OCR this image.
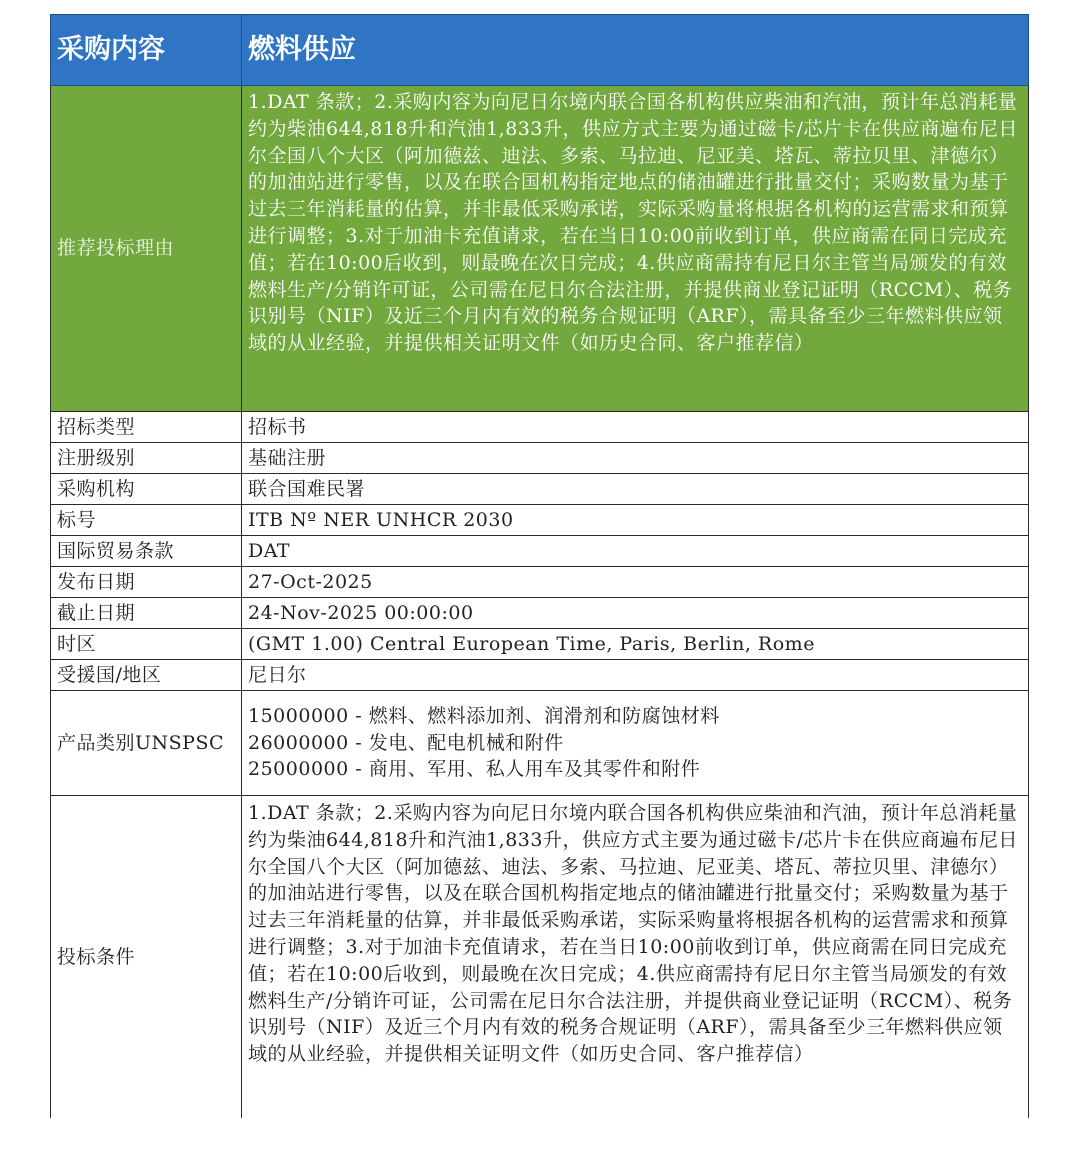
采购内容	燃料供应
推荐投标理由	1.DAT 条款；2.采购内容为向尼日尔境内联合国各机构供应柴油和汽油，预计年总消耗量约为柴油644,818升和汽油1,833升，供应方式主要为通过磁卡/芯片卡在供应商遍布尼日尔全国八个大区（阿加德兹、迪法、多索、马拉迪、尼亚美、塔瓦、蒂拉贝里、津德尔）的加油站进行零售，以及在联合国机构指定地点的储油罐进行批量交付；采购数量为基于过去三年消耗量的估算，并非最低采购承诺，实际采购量将根据各机构的运营需求和预算进行调整；3.对于加油卡充值请求，若在当日10:00前收到订单，供应商需在同日完成充值；若在10:00后收到，则最晚在次日完成；4.供应商需持有尼日尔主管当局颁发的有效燃料生产/分销许可证，公司需在尼日尔合法注册，并提供商业登记证明（RCCM）、税务识别号（NIF）及近三个月内有效的税务合规证明（ARF），需具备至少三年燃料供应领域的从业经验，并提供相关证明文件（如历史合同、客户推荐信）
招标类型	招标书
注册级别	基础注册
采购机构	联合国难民署
标号	ITB Nº NER UNHCR 2030
国际贸易条款	DAT
发布日期	27-Oct-2025
截止日期	24-Nov-2025 00:00:00
时区	(GMT 1.00) Central European Time, Paris, Berlin, Rome
受援国/地区	尼日尔
产品类别UNSPSC	15000000 - 燃料、燃料添加剂、润滑剂和防腐蚀材料
26000000 - 发电、配电机械和附件
25000000 - 商用、军用、私人用车及其零件和附件

投标条件	1.DAT 条款；2.采购内容为向尼日尔境内联合国各机构供应柴油和汽油，预计年总消耗量约为柴油644,818升和汽油1,833升，供应方式主要为通过磁卡/芯片卡在供应商遍布尼日尔全国八个大区（阿加德兹、迪法、多索、马拉迪、尼亚美、塔瓦、蒂拉贝里、津德尔）的加油站进行零售，以及在联合国机构指定地点的储油罐进行批量交付；采购数量为基于过去三年消耗量的估算，并非最低采购承诺，实际采购量将根据各机构的运营需求和预算进行调整；3.对于加油卡充值请求，若在当日10:00前收到订单，供应商需在同日完成充值；若在10:00后收到，则最晚在次日完成；4.供应商需持有尼日尔主管当局颁发的有效燃料生产/分销许可证，公司需在尼日尔合法注册，并提供商业登记证明（RCCM）、税务识别号（NIF）及近三个月内有效的税务合规证明（ARF），需具备至少三年燃料供应领域的从业经验，并提供相关证明文件（如历史合同、客户推荐信）
